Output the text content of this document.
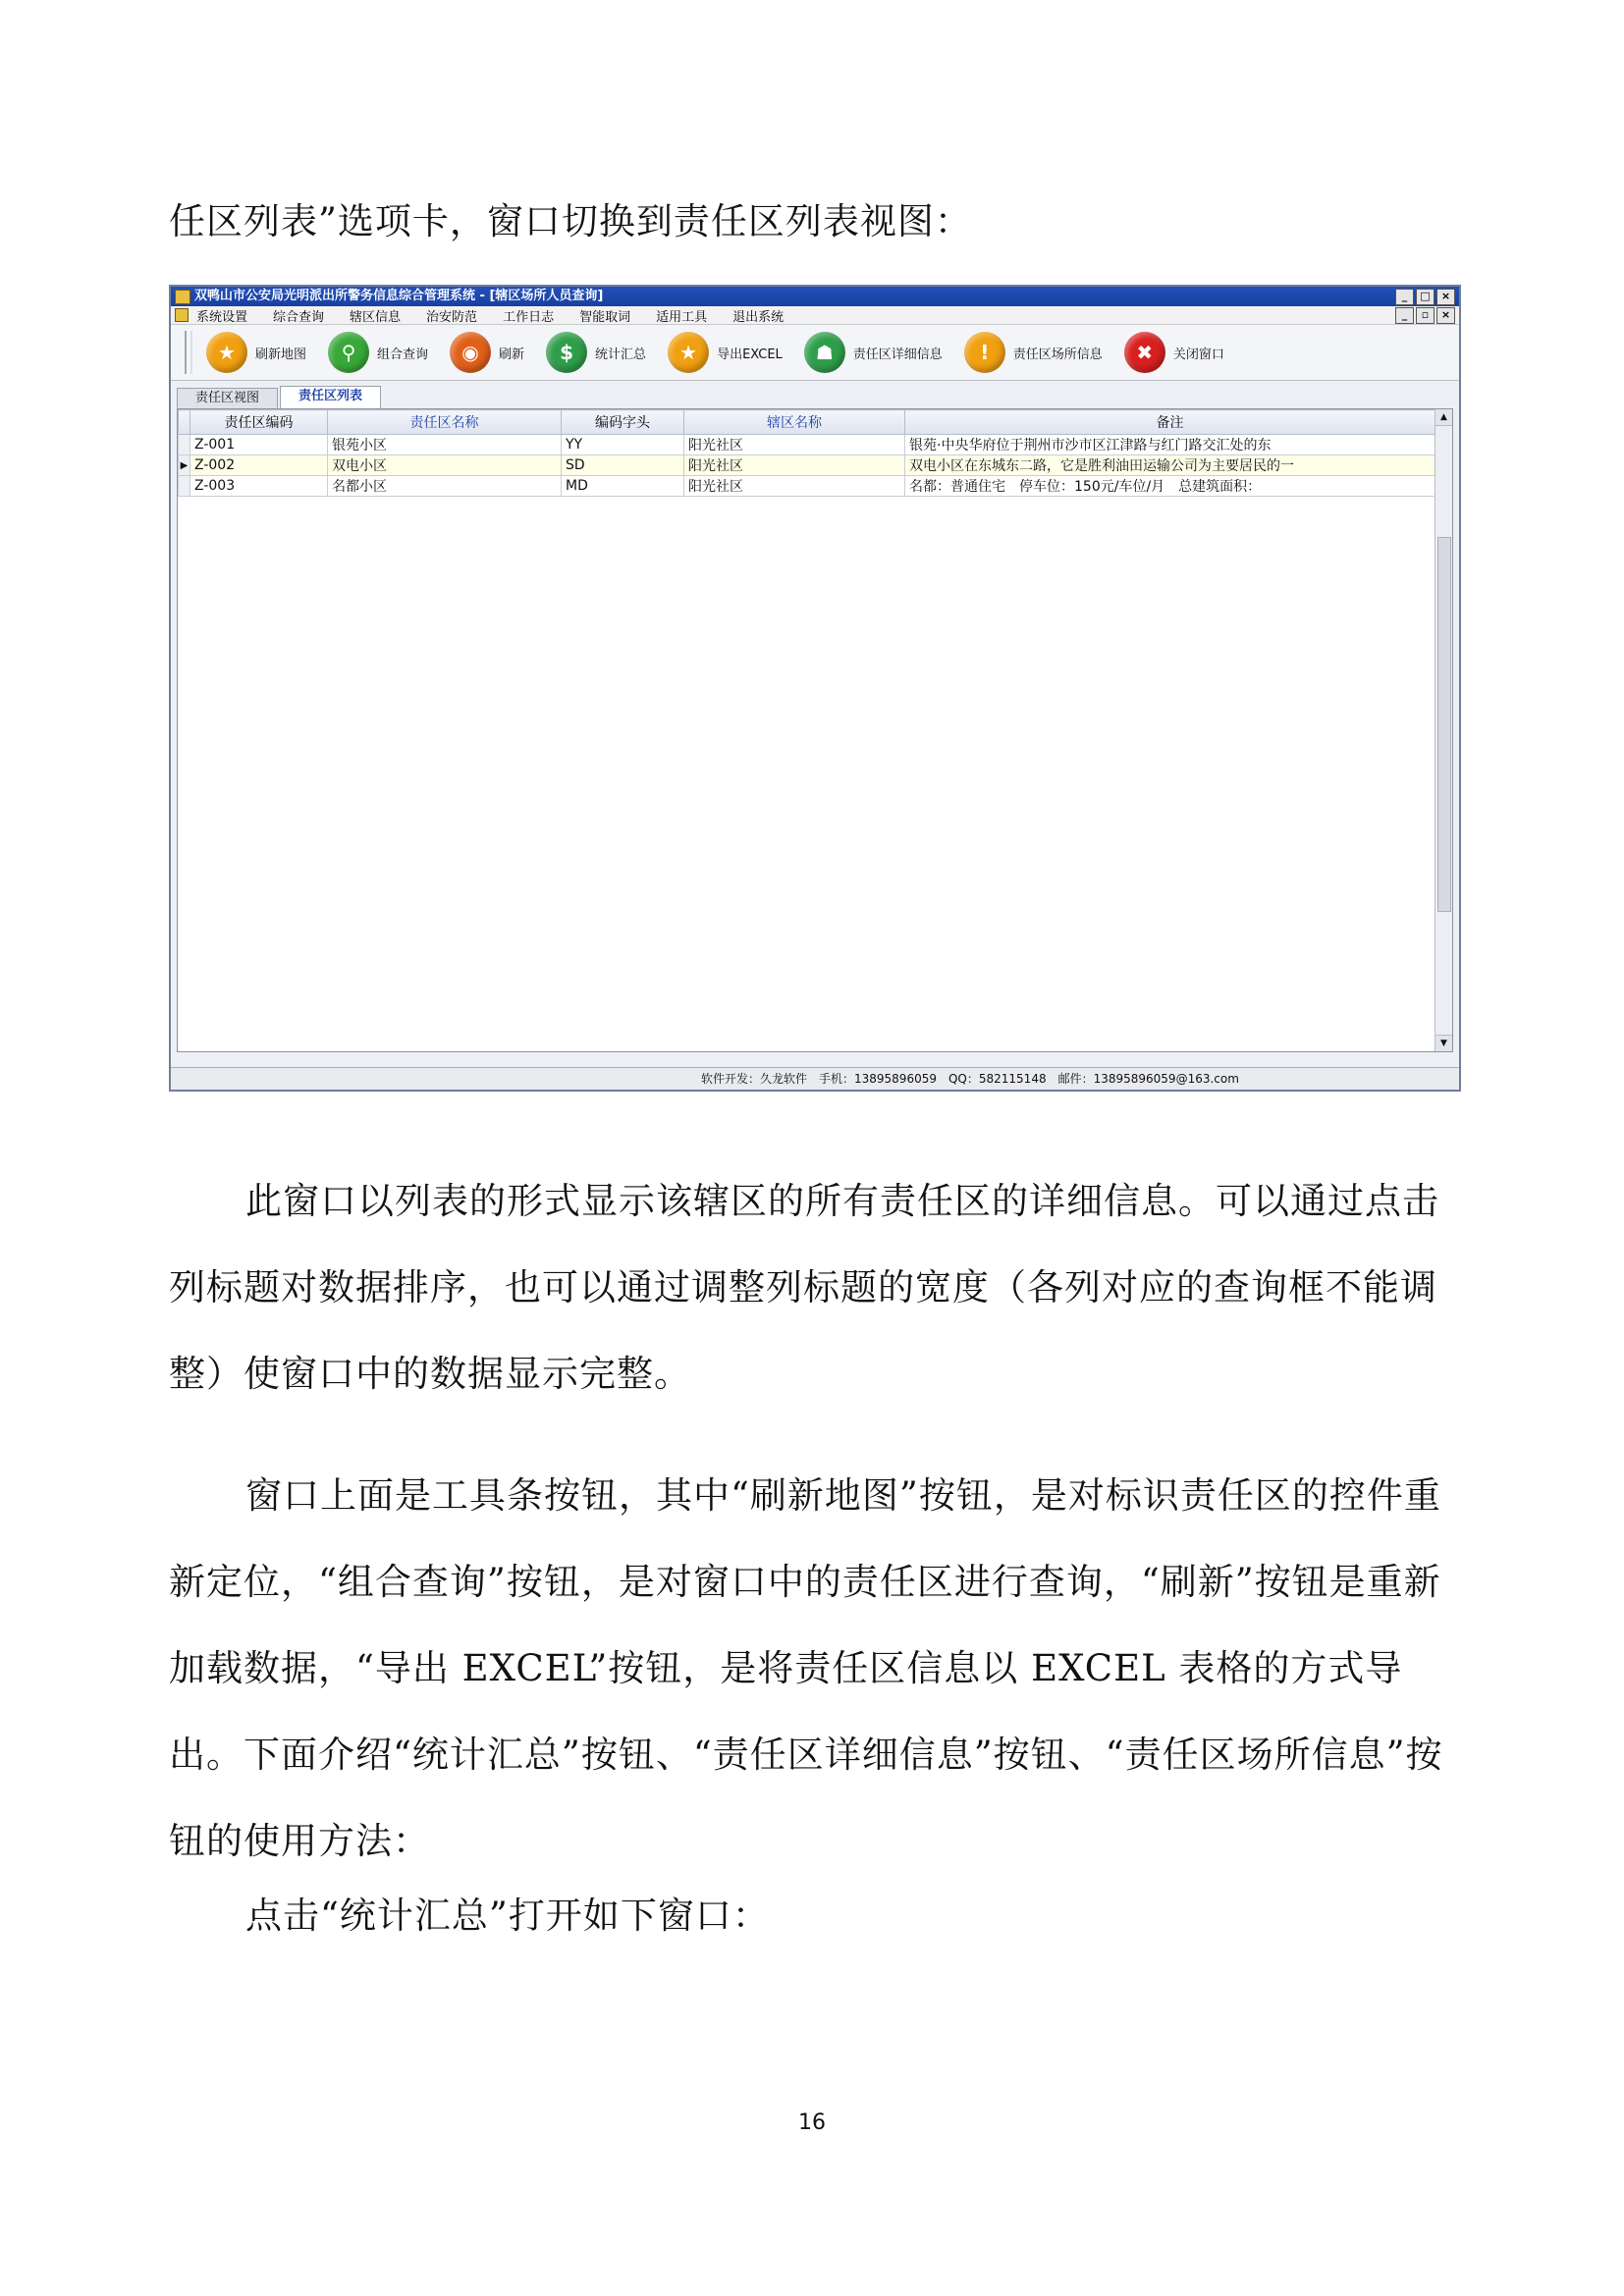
任区列表”选项卡，窗口切换到责任区列表视图：

双鸭山市公安局光明派出所警务信息综合管理系统 - [辖区场所人员查询]	_	□	×
系统设置 综合查询 辖区信息 治安防范 工作日志 智能取词 适用工具 退出系统	_	▫	×
★	刷新地图	⚲	组合查询	◉	刷新	$	统计汇总	★	导出EXCEL	☗	责任区详细信息	!	责任区场所信息	✖	关闭窗口
责任区视图	责任区列表
	责任区编码	责任区名称	编码字头	辖区名称	备注
	Z-001	银苑小区	YY	阳光社区	银苑·中央华府位于荆州市沙市区江津路与红门路交汇处的东
▶	Z-002	双电小区	SD	阳光社区	双电小区在东城东二路，它是胜利油田运输公司为主要居民的一
	Z-003	名都小区	MD	阳光社区	名都：普通住宅　停车位：150元/车位/月　总建筑面积：
▲
▼
软件开发：久龙软件　手机：13895896059　QQ：582115148　邮件：13895896059@163.com

此窗口以列表的形式显示该辖区的所有责任区的详细信息。可以通过点击列标题对数据排序，也可以通过调整列标题的宽度（各列对应的查询框不能调整）使窗口中的数据显示完整。

窗口上面是工具条按钮，其中“刷新地图”按钮，是对标识责任区的控件重新定位，“组合查询”按钮，是对窗口中的责任区进行查询，“刷新”按钮是重新加载数据，“导出 EXCEL”按钮，是将责任区信息以 EXCEL 表格的方式导出。下面介绍“统计汇总”按钮、“责任区详细信息”按钮、“责任区场所信息”按钮的使用方法：

点击“统计汇总”打开如下窗口：

16
